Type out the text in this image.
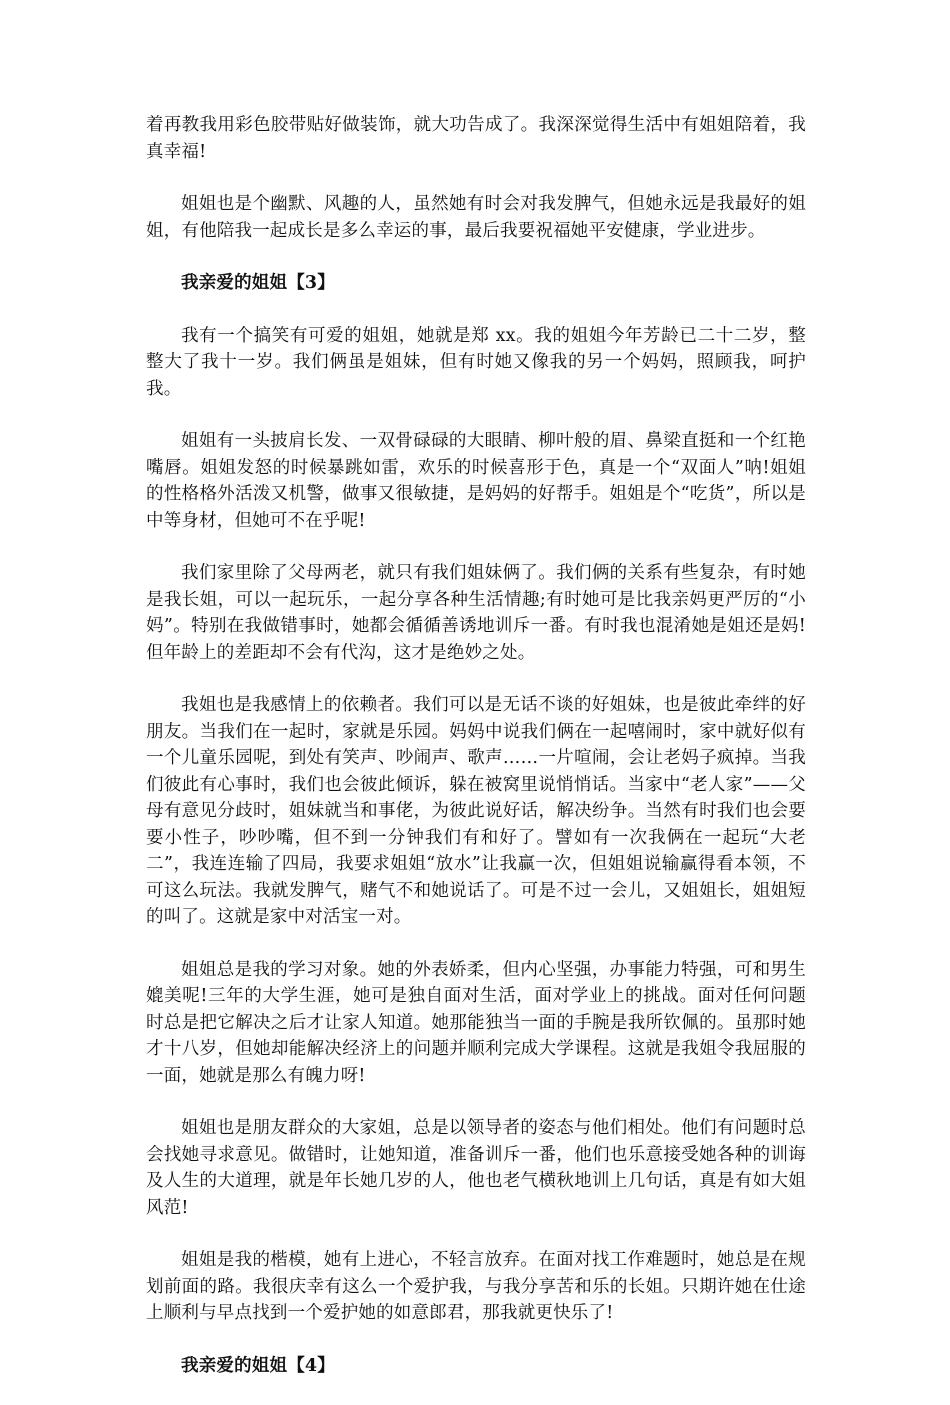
着再教我用彩色胶带贴好做装饰，就大功告成了。我深深觉得生活中有姐姐陪着，我真幸福!

姐姐也是个幽默、风趣的人，虽然她有时会对我发脾气，但她永远是我最好的姐姐，有他陪我一起成长是多么幸运的事，最后我要祝福她平安健康，学业进步。

我亲爱的姐姐【3】

我有一个搞笑有可爱的姐姐，她就是郑 xx。我的姐姐今年芳龄已二十二岁，整整大了我十一岁。我们俩虽是姐妹，但有时她又像我的另一个妈妈，照顾我，呵护我。

姐姐有一头披肩长发、一双骨碌碌的大眼睛、柳叶般的眉、鼻梁直挺和一个红艳嘴唇。姐姐发怒的时候暴跳如雷，欢乐的时候喜形于色，真是一个“双面人”呐!姐姐的性格格外活泼又机警，做事又很敏捷，是妈妈的好帮手。姐姐是个“吃货”，所以是中等身材，但她可不在乎呢!

我们家里除了父母两老，就只有我们姐妹俩了。我们俩的关系有些复杂，有时她是我长姐，可以一起玩乐，一起分享各种生活情趣;有时她可是比我亲妈更严厉的“小妈”。特别在我做错事时，她都会循循善诱地训斥一番。有时我也混淆她是姐还是妈!但年龄上的差距却不会有代沟，这才是绝妙之处。

我姐也是我感情上的依赖者。我们可以是无话不谈的好姐妹，也是彼此牵绊的好朋友。当我们在一起时，家就是乐园。妈妈中说我们俩在一起嘻闹时，家中就好似有一个儿童乐园呢，到处有笑声、吵闹声、歌声……一片喧闹，会让老妈子疯掉。当我们彼此有心事时，我们也会彼此倾诉，躲在被窝里说悄悄话。当家中“老人家”——父母有意见分歧时，姐妹就当和事佬，为彼此说好话，解决纷争。当然有时我们也会要要小性子，吵吵嘴，但不到一分钟我们有和好了。譬如有一次我俩在一起玩“大老二”，我连连输了四局，我要求姐姐“放水”让我赢一次，但姐姐说输赢得看本领，不可这么玩法。我就发脾气，赌气不和她说话了。可是不过一会儿，又姐姐长，姐姐短的叫了。这就是家中对活宝一对。

姐姐总是我的学习对象。她的外表娇柔，但内心坚强，办事能力特强，可和男生媲美呢!三年的大学生涯，她可是独自面对生活，面对学业上的挑战。面对任何问题时总是把它解决之后才让家人知道。她那能独当一面的手腕是我所钦佩的。虽那时她才十八岁，但她却能解决经济上的问题并顺利完成大学课程。这就是我姐令我屈服的一面，她就是那么有魄力呀!

姐姐也是朋友群众的大家姐，总是以领导者的姿态与他们相处。他们有问题时总会找她寻求意见。做错时，让她知道，准备训斥一番，他们也乐意接受她各种的训诲及人生的大道理，就是年长她几岁的人，他也老气横秋地训上几句话，真是有如大姐风范!

姐姐是我的楷模，她有上进心，不轻言放弃。在面对找工作难题时，她总是在规划前面的路。我很庆幸有这么一个爱护我，与我分享苦和乐的长姐。只期许她在仕途上顺利与早点找到一个爱护她的如意郎君，那我就更快乐了!

我亲爱的姐姐【4】
